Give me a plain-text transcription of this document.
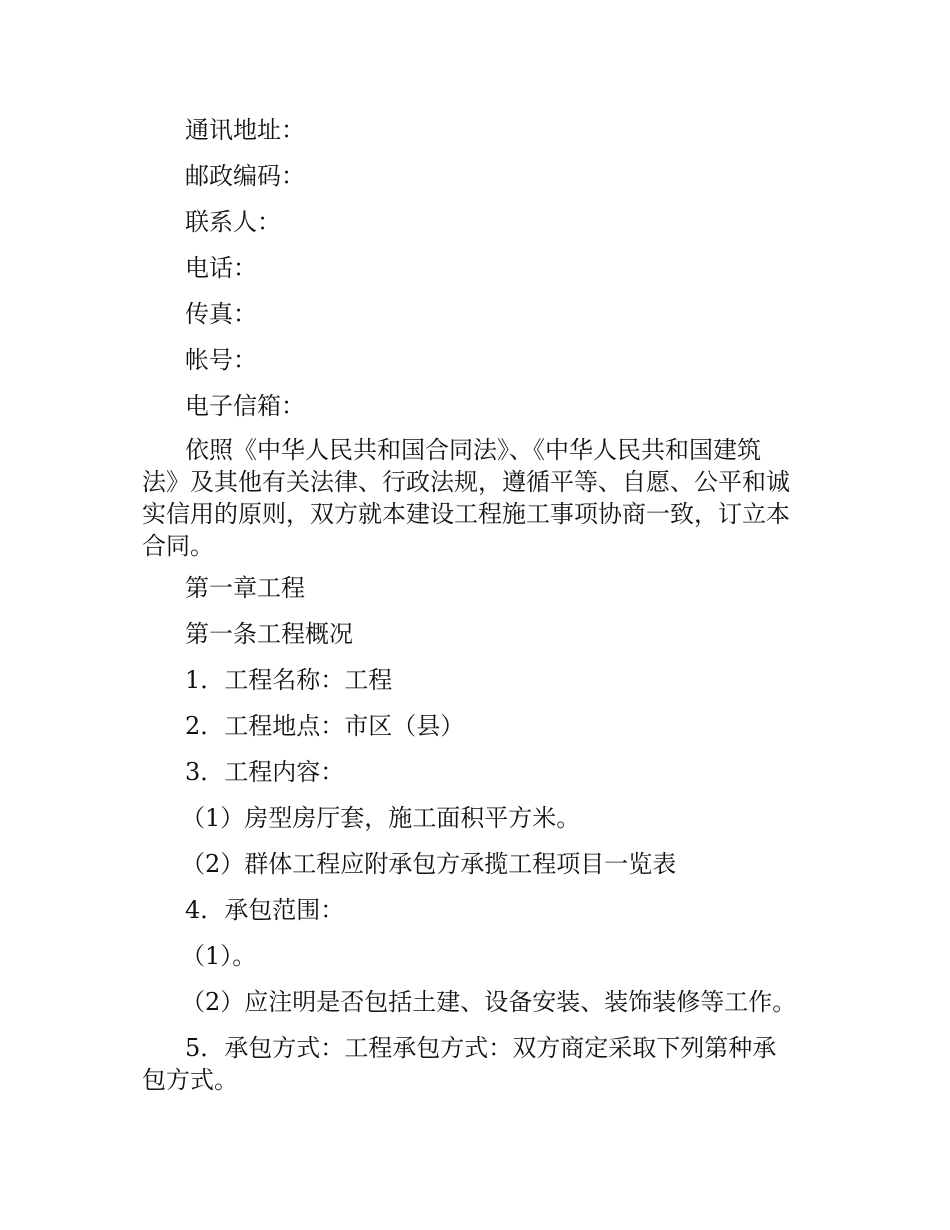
通讯地址：
邮政编码：
联系人：
电话：
传真：
帐号：
电子信箱：
依照《中华人民共和国合同法》、《中华人民共和国建筑
法》及其他有关法律、行政法规，遵循平等、自愿、公平和诚
实信用的原则，双方就本建设工程施工事项协商一致，订立本
合同。
第一章工程
第一条工程概况
1．工程名称：工程
2．工程地点：市区（县）
3．工程内容：
（1）房型房厅套，施工面积平方米。
（2）群体工程应附承包方承揽工程项目一览表
4．承包范围：
（1）。
（2）应注明是否包括土建、设备安装、装饰装修等工作。
5．承包方式：工程承包方式：双方商定采取下列第种承
包方式。
